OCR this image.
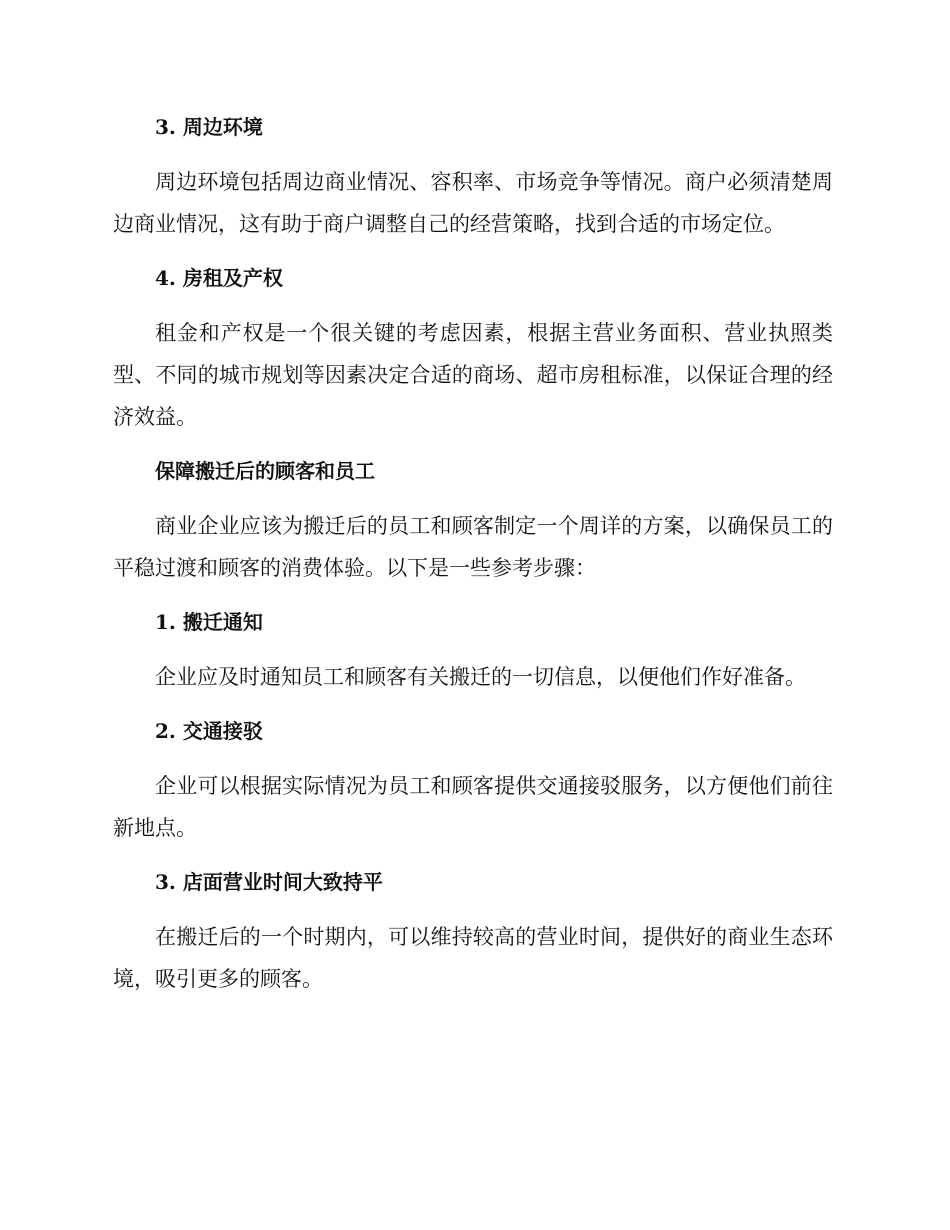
3. 周边环境

周边环境包括周边商业情况、容积率、市场竞争等情况。商户必须清楚周边商业情况，这有助于商户调整自己的经营策略，找到合适的市场定位。

4. 房租及产权

租金和产权是一个很关键的考虑因素，根据主营业务面积、营业执照类型、不同的城市规划等因素决定合适的商场、超市房租标准，以保证合理的经济效益。

保障搬迁后的顾客和员工

商业企业应该为搬迁后的员工和顾客制定一个周详的方案，以确保员工的平稳过渡和顾客的消费体验。以下是一些参考步骤：

1. 搬迁通知

企业应及时通知员工和顾客有关搬迁的一切信息，以便他们作好准备。

2. 交通接驳

企业可以根据实际情况为员工和顾客提供交通接驳服务，以方便他们前往新地点。

3. 店面营业时间大致持平

在搬迁后的一个时期内，可以维持较高的营业时间，提供好的商业生态环境，吸引更多的顾客。
